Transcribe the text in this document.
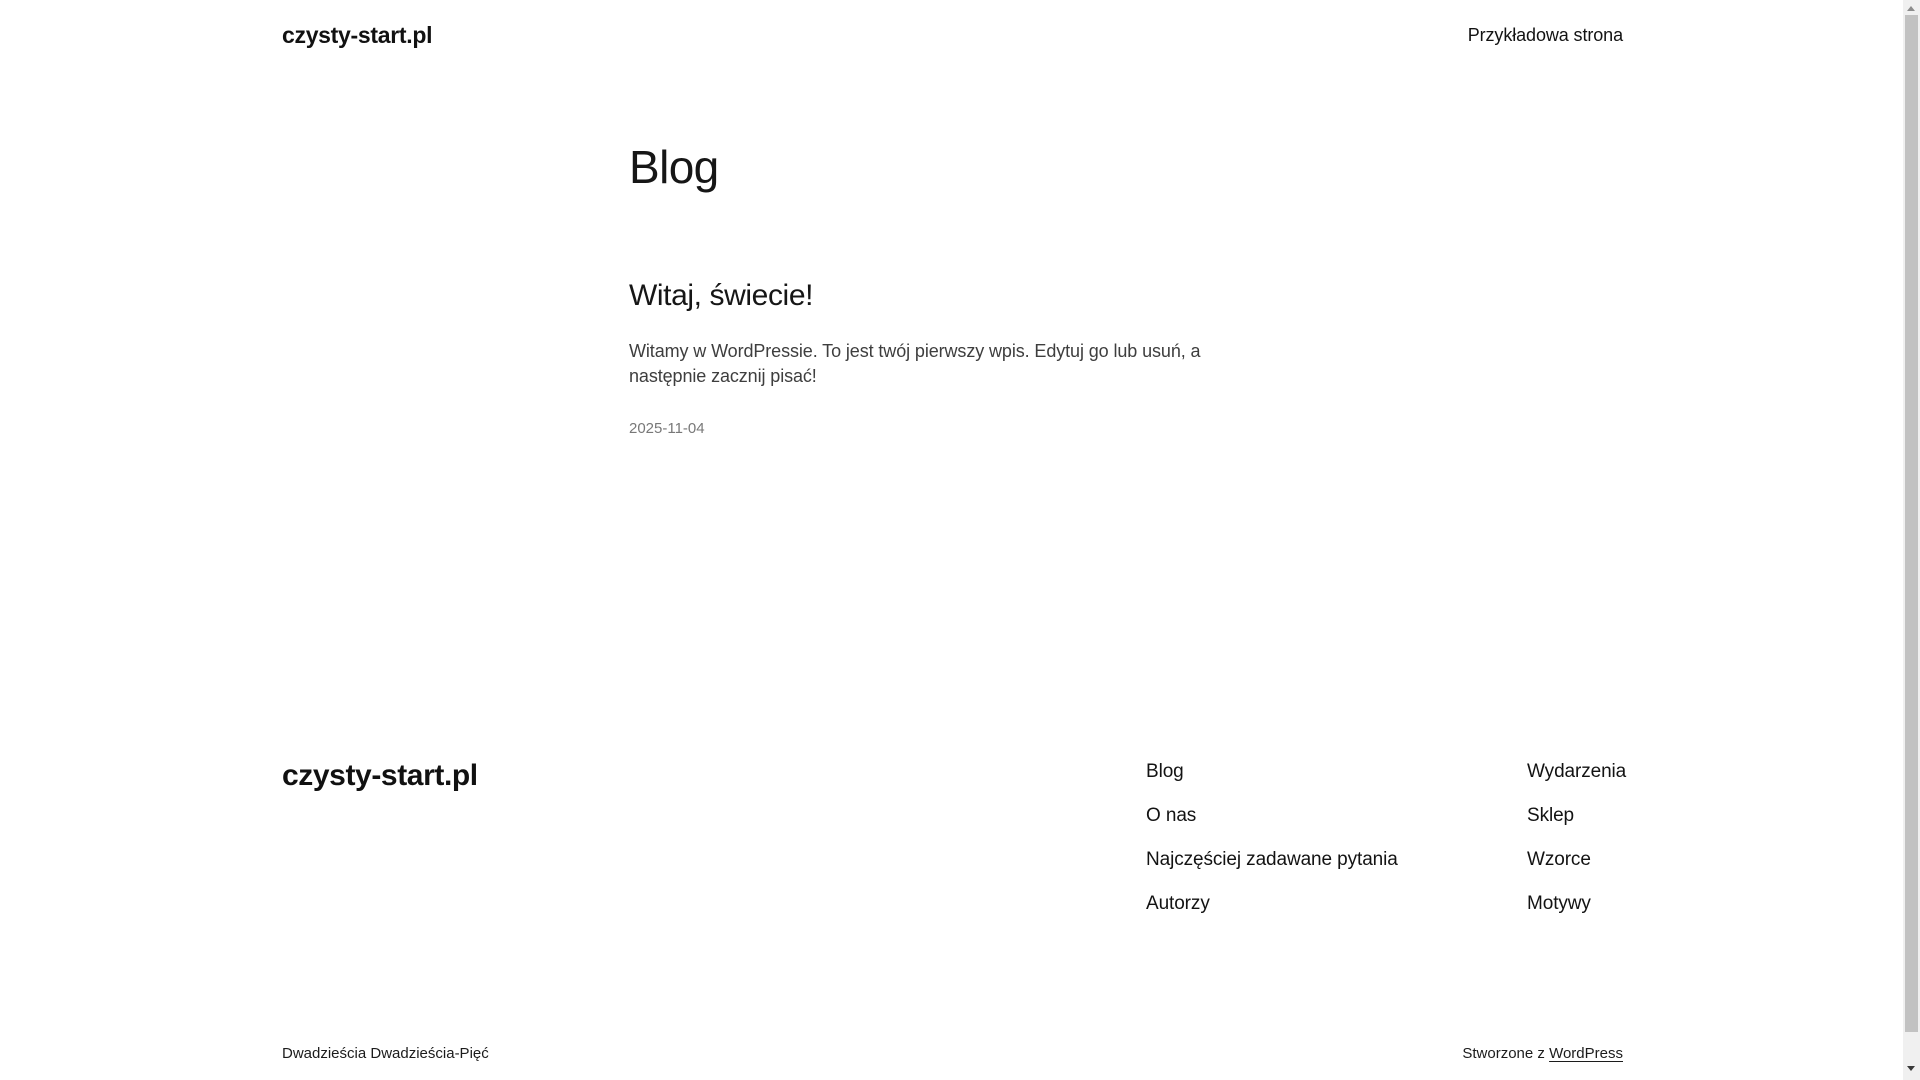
czysty-start.pl	Przykładowa strona
Blog
Witaj, świecie!

Witamy w WordPressie. To jest twój pierwszy wpis. Edytuj go lub usuń, a następnie zacznij pisać!

2025-11-04
czysty-start.pl	Blog
O nas
Najczęściej zadawane pytania
Autorzy
Wydarzenia
Sklep
Wzorce
Motywy
Dwadzieścia Dwadzieścia-Pięć	Stworzone z WordPress
